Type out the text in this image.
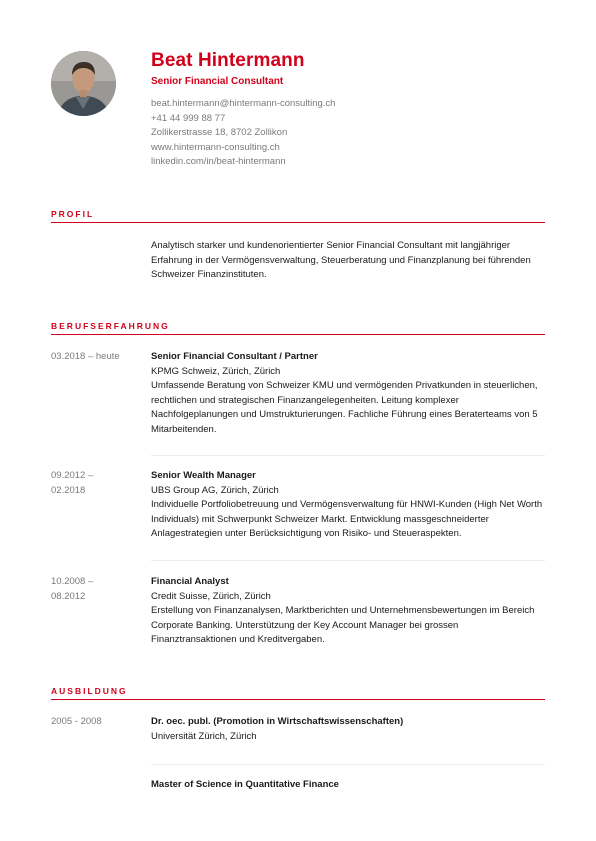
Beat Hintermann
Senior Financial Consultant
beat.hintermann@hintermann-consulting.ch
+41 44 999 88 77
Zollikerstrasse 18, 8702 Zollikon
www.hintermann-consulting.ch
linkedin.com/in/beat-hintermann
PROFIL
Analytisch starker und kundenorientierter Senior Financial Consultant mit langjähriger Erfahrung in der Vermögensverwaltung, Steuerberatung und Finanzplanung bei führenden Schweizer Finanzinstituten.
BERUFSERFAHRUNG
03.2018 – heute	Senior Financial Consultant / Partner
KPMG Schweiz, Zürich, Zürich
Umfassende Beratung von Schweizer KMU und vermögenden Privatkunden in steuerlichen, rechtlichen und strategischen Finanzangelegenheiten. Leitung komplexer Nachfolgeplanungen und Umstrukturierungen. Fachliche Führung eines Beraterteams von 5 Mitarbeitenden.
09.2012 – 02.2018
Senior Wealth Manager
UBS Group AG, Zürich, Zürich
Individuelle Portfoliobetreuung und Vermögensverwaltung für HNWI-Kunden (High Net Worth Individuals) mit Schwerpunkt Schweizer Markt. Entwicklung massgeschneiderter Anlagestrategien unter Berücksichtigung von Risiko- und Steueraspekten.
10.2008 – 08.2012
Financial Analyst
Credit Suisse, Zürich, Zürich
Erstellung von Finanzanalysen, Marktberichten und Unternehmensbewertungen im Bereich Corporate Banking. Unterstützung der Key Account Manager bei grossen Finanztransaktionen und Kreditvergaben.
AUSBILDUNG
2005 - 2008	Dr. oec. publ. (Promotion in Wirtschaftswissenschaften)
Universität Zürich, Zürich
Master of Science in Quantitative Finance
